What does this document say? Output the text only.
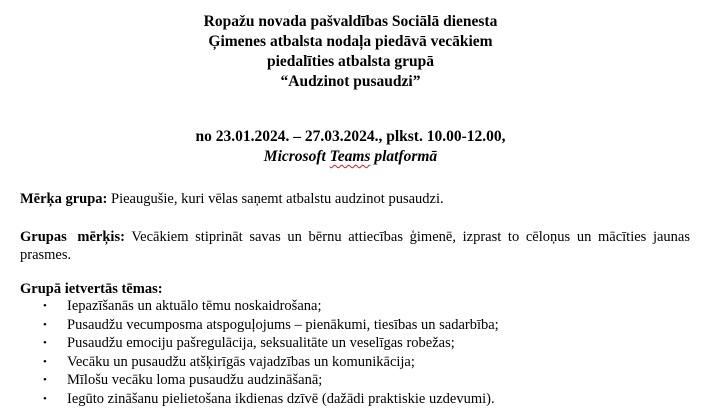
Ropažu novada pašvaldības Sociālā dienesta
Ģimenes atbalsta nodaļa piedāvā vecākiem
piedalīties atbalsta grupā
“Audzinot pusaudzi”
no 23.01.2024. – 27.03.2024., plkst. 10.00-12.00,
Microsoft Teams platformā
Mērķa grupa: Pieaugušie, kuri vēlas saņemt atbalstu audzinot pusaudzi.
Grupas mērķis: Vecākiem stiprināt savas un bērnu attiecības ģimenē, izprast to cēloņus un mācīties jaunas prasmes.
Grupā ietvertās tēmas:
• Iepazīšanās un aktuālo tēmu noskaidrošana;
• Pusaudžu vecumposma atspoguļojums – pienākumi, tiesības un sadarbība;
• Pusaudžu emociju pašregulācija, seksualitāte un veselīgas robežas;
• Vecāku un pusaudžu atšķirīgās vajadzības un komunikācija;
• Mīlošu vecāku loma pusaudžu audzināšanā;
• Iegūto zināšanu pielietošana ikdienas dzīvē (dažādi praktiskie uzdevumi).
